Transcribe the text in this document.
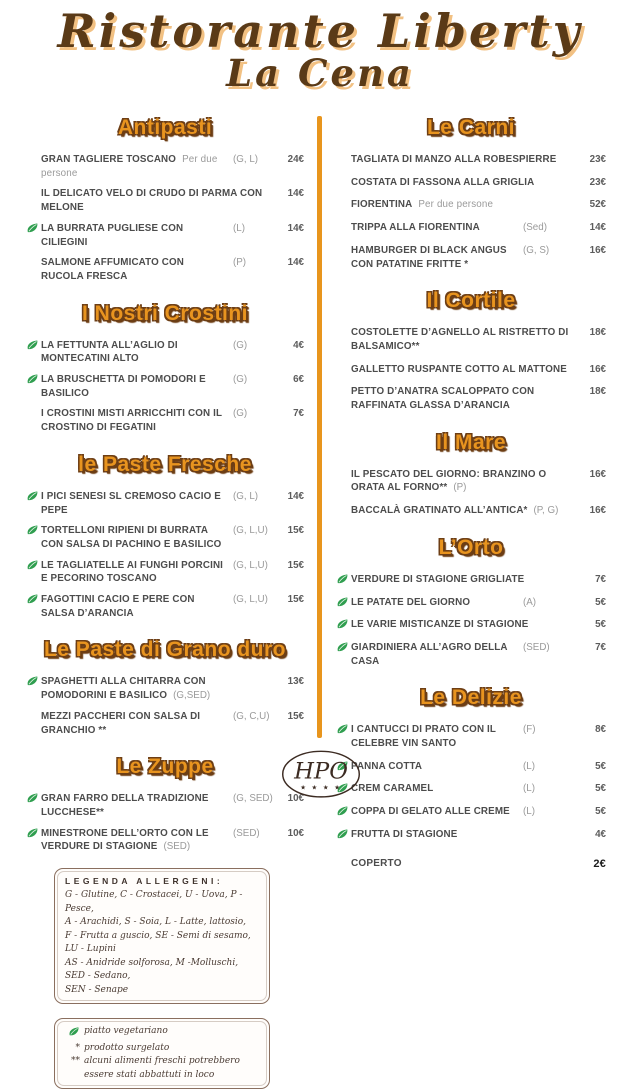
Ristorante Liberty
La Cena
Antipasti
GRAN TAGLIERE TOSCANO Per due persone
(G, L)	24€
IL DELICATO VELO DI CRUDO DI PARMA CON MELONE
14€
LA BURRATA PUGLIESE CON CILIEGINI
(L)	14€
SALMONE AFFUMICATO CON RUCOLA FRESCA
(P)	14€
I Nostri Crostini
LA FETTUNTA ALL’AGLIO DI MONTECATINI ALTO
(G)	4€
LA BRUSCHETTA DI POMODORI E BASILICO
(G)	6€
I CROSTINI MISTI ARRICCHITI CON IL CROSTINO DI FEGATINI
(G)	7€
le Paste Fresche
I PICI SENESI SL CREMOSO CACIO E PEPE
(G, L)	14€
TORTELLONI RIPIENI DI BURRATA CON SALSA DI PACHINO E BASILICO
(G, L,U)	15€
LE TAGLIATELLE AI FUNGHI PORCINI E PECORINO TOSCANO
(G, L,U)	15€
FAGOTTINI CACIO E PERE CON SALSA D’ARANCIA
(G, L,U)	15€
Le Paste di Grano duro
SPAGHETTI ALLA CHITARRA CON POMODORINI E BASILICO (G,SED)
13€
MEZZI PACCHERI CON SALSA DI GRANCHIO **
(G, C,U)	15€
Le Zuppe
GRAN FARRO DELLA TRADIZIONE LUCCHESE**
(G, SED)	10€
MINESTRONE DELL’ORTO CON LE VERDURE DI STAGIONE (SED)
(SED)	10€
LEGENDA ALLERGENI:
G - Glutine, C - Crostacei, U - Uova, P - Pesce,
A - Arachidi, S - Soia, L - Latte, lattosio,
F - Frutta a guscio, SE - Semi di sesamo, LU - Lupini
AS - Anidride solforosa, M -Molluschi, SED - Sedano,
SEN - Senape
piatto vegetariano
* prodotto surgelato
** alcuni alimenti freschi potrebbero essere stati abbattuti in loco
Le Carni
TAGLIATA DI MANZO ALLA ROBESPIERRE	23€
COSTATA DI FASSONA ALLA GRIGLIA	23€
FIORENTINA Per due persone	52€
TRIPPA ALLA FIORENTINA	(Sed)	14€
HAMBURGER DI BLACK ANGUS CON PATATINE FRITTE *
(G, S)	16€
Il Cortile
COSTOLETTE D’AGNELLO AL RISTRETTO DI BALSAMICO**
18€
GALLETTO RUSPANTE COTTO AL MATTONE	16€
PETTO D’ANATRA SCALOPPATO CON RAFFINATA GLASSA D’ARANCIA
18€
Il Mare
IL PESCATO DEL GIORNO: BRANZINO O ORATA AL FORNO** (P)
16€
BACCALÀ GRATINATO ALL’ANTICA* (P, G)	16€
L’Orto
VERDURE DI STAGIONE GRIGLIATE	7€
LE PATATE DEL GIORNO	(A)	5€
LE VARIE MISTICANZE DI STAGIONE	5€
GIARDINIERA ALL’AGRO DELLA CASA
(SED)	7€
Le Delizie
I CANTUCCI DI PRATO CON IL CELEBRE VIN SANTO
(F)	8€
PANNA COTTA	(L)	5€
CREM CARAMEL	(L)	5€
COPPA DI GELATO ALLE CREME	(L)	5€
FRUTTA DI STAGIONE	4€
COPERTO	2€
HPO
★ ★ ★ ★
